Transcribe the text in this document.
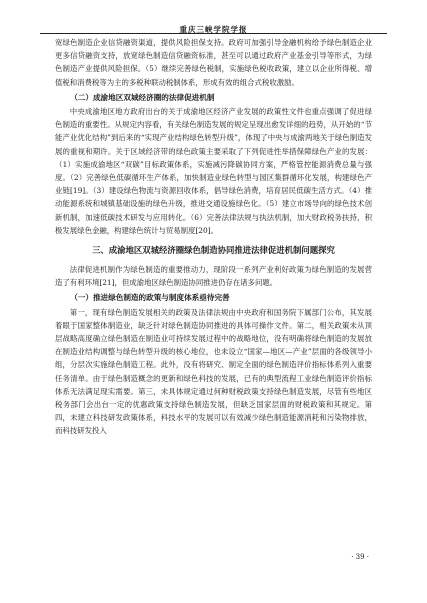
重庆三峡学院学报

宽绿色制造企业信贷融资渠道，提供风险担保支持。政府可加强引导金融机构给予绿色制造企业更多信贷融资支持，放宽绿色制造信贷融资标准，甚至可以通过政府产业基金引导等形式，为绿色制造产业提供风险担保。（5）继续完善绿色税制，实施绿色税收政策，建立以企业所得税、增值税和消费税等为主的多税种联动税制体系，形成有效的组合式税收激励。

（二）成渝地区双城经济圈的法律促进机制

中央成渝地区地方政府出台的关于成渝地区经济产业发展的政策性文件也重点强调了促进绿色制造的重要性。从规定内容看，有关绿色制造发展的规定呈现出愈发详细的趋势，从开始的“节能产业优化结构”到后来的“实现产业结构绿色转型升级”，体现了中央与成渝两地关于绿色制造发展的重视和期许。关于区域经济带的绿色政策主要采取了下列促进性举措保障绿色产业的发展：（1）实施成渝地区“双碳”目标政策体系，实施减污降碳协同方案，严格管控能源消费总量与强度。（2）完善绿色低碳循环生产体系，加快制造业绿色转型与园区集群循环化发展，构建绿色产业链[19]。（3）建设绿色物流与资源回收体系，倡导绿色消费，培育居民低碳生活方式。（4）推动能源系统和城镇基础设施的绿色升级，推进交通设施绿色化。（5）建立市场导向的绿色技术创新机制，加速低碳技术研发与应用转化。（6）完善法律法规与执法机制，加大财政税务扶持，积极发展绿色金融，构建绿色统计与贸易制度[20]。

三、成渝地区双城经济圈绿色制造协同推进法律促进机制问题探究

法律促进机制作为绿色制造的重要推动力，现阶段一系列产业利好政策为绿色制造的发展营造了有利环境[21]，但成渝地区绿色制造协同推进仍存在诸多问题。

（一）推进绿色制造的政策与制度体系亟待完善

第一，现有绿色制造发展相关的政策及法律法规由中央政府和国务院下属部门公布，其发展着眼于国家整体制造业，缺乏针对绿色制造协同推进的具体可操作文件。第二，相关政策未从顶层战略高度确立绿色制造在制造业可持续发展过程中的战略地位，没有明确将绿色制造的发展放在制造业结构调整与绿色转型升级的核心地位，也未设立“国家—地区—产业”层面的各级领导小组，分层次实施绿色制造工程。此外，没有将研究、制定全面的绿色制造评价指标体系列入重要任务清单。由于绿色制造概念的更新和绿色科技的发展，已有的典型流程工业绿色制造评价指标体系无法满足现实需要。第三，未具体规定通过何种财税政策支持绿色制造发展，尽管有些地区税务部门会出台一定的优惠政策支持绿色制造发展，但缺乏国家层面的财税政策和其规定。第四，未建立科技研发政策体系，科技水平的发展可以有效减少绿色制造能源消耗和污染物排放，而科技研发投入

· 39 ·
